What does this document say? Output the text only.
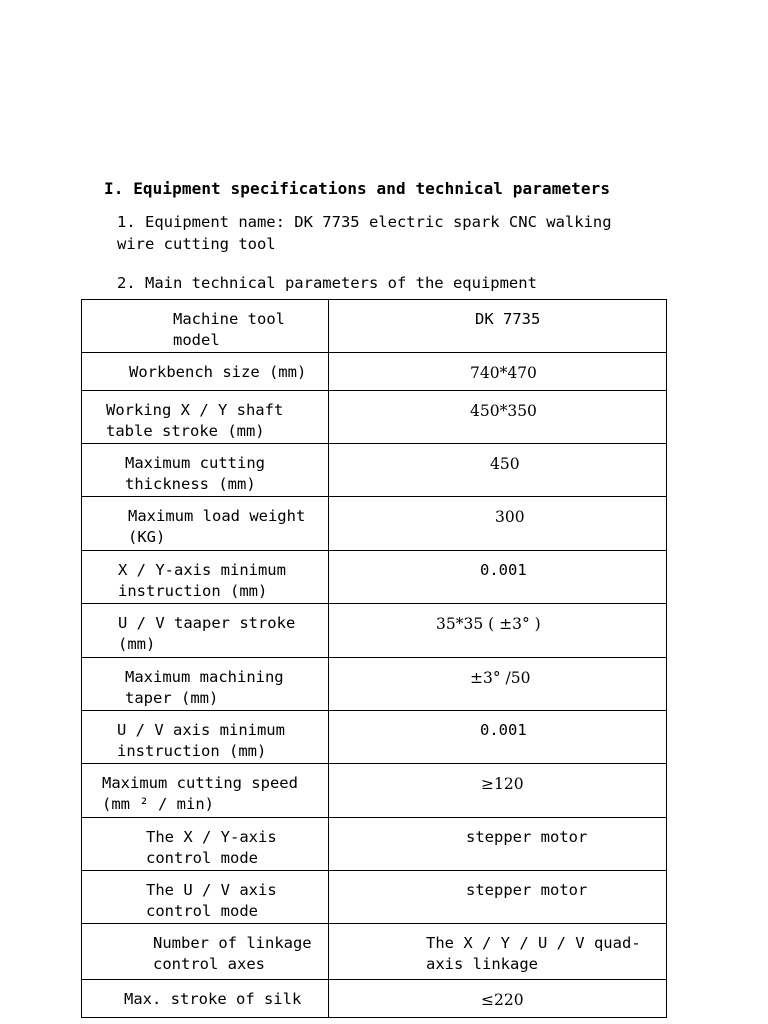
I. Equipment specifications and technical parameters
1. Equipment name: DK 7735 electric spark CNC walking wire cutting tool
2. Main technical parameters of the equipment
Machine tool model	DK 7735

Workbench size (mm)	740*470

Working X / Y shaft table stroke (mm)	450*350

Maximum cutting thickness (mm)	450

Maximum load weight (KG)	300

X / Y-axis minimum instruction (mm)	0.001

U / V taaper stroke (mm)	35*35 ( ±3° )

Maximum machining taper (mm)	±3° /50

U / V axis minimum instruction (mm)	0.001

Maximum cutting speed (mm ² / min)	≥120

The X / Y-axis control mode	stepper motor

The U / V axis control mode	stepper motor

Number of linkage control axes	The X / Y / U / V quad-axis linkage

Max. stroke of silk	≤220
